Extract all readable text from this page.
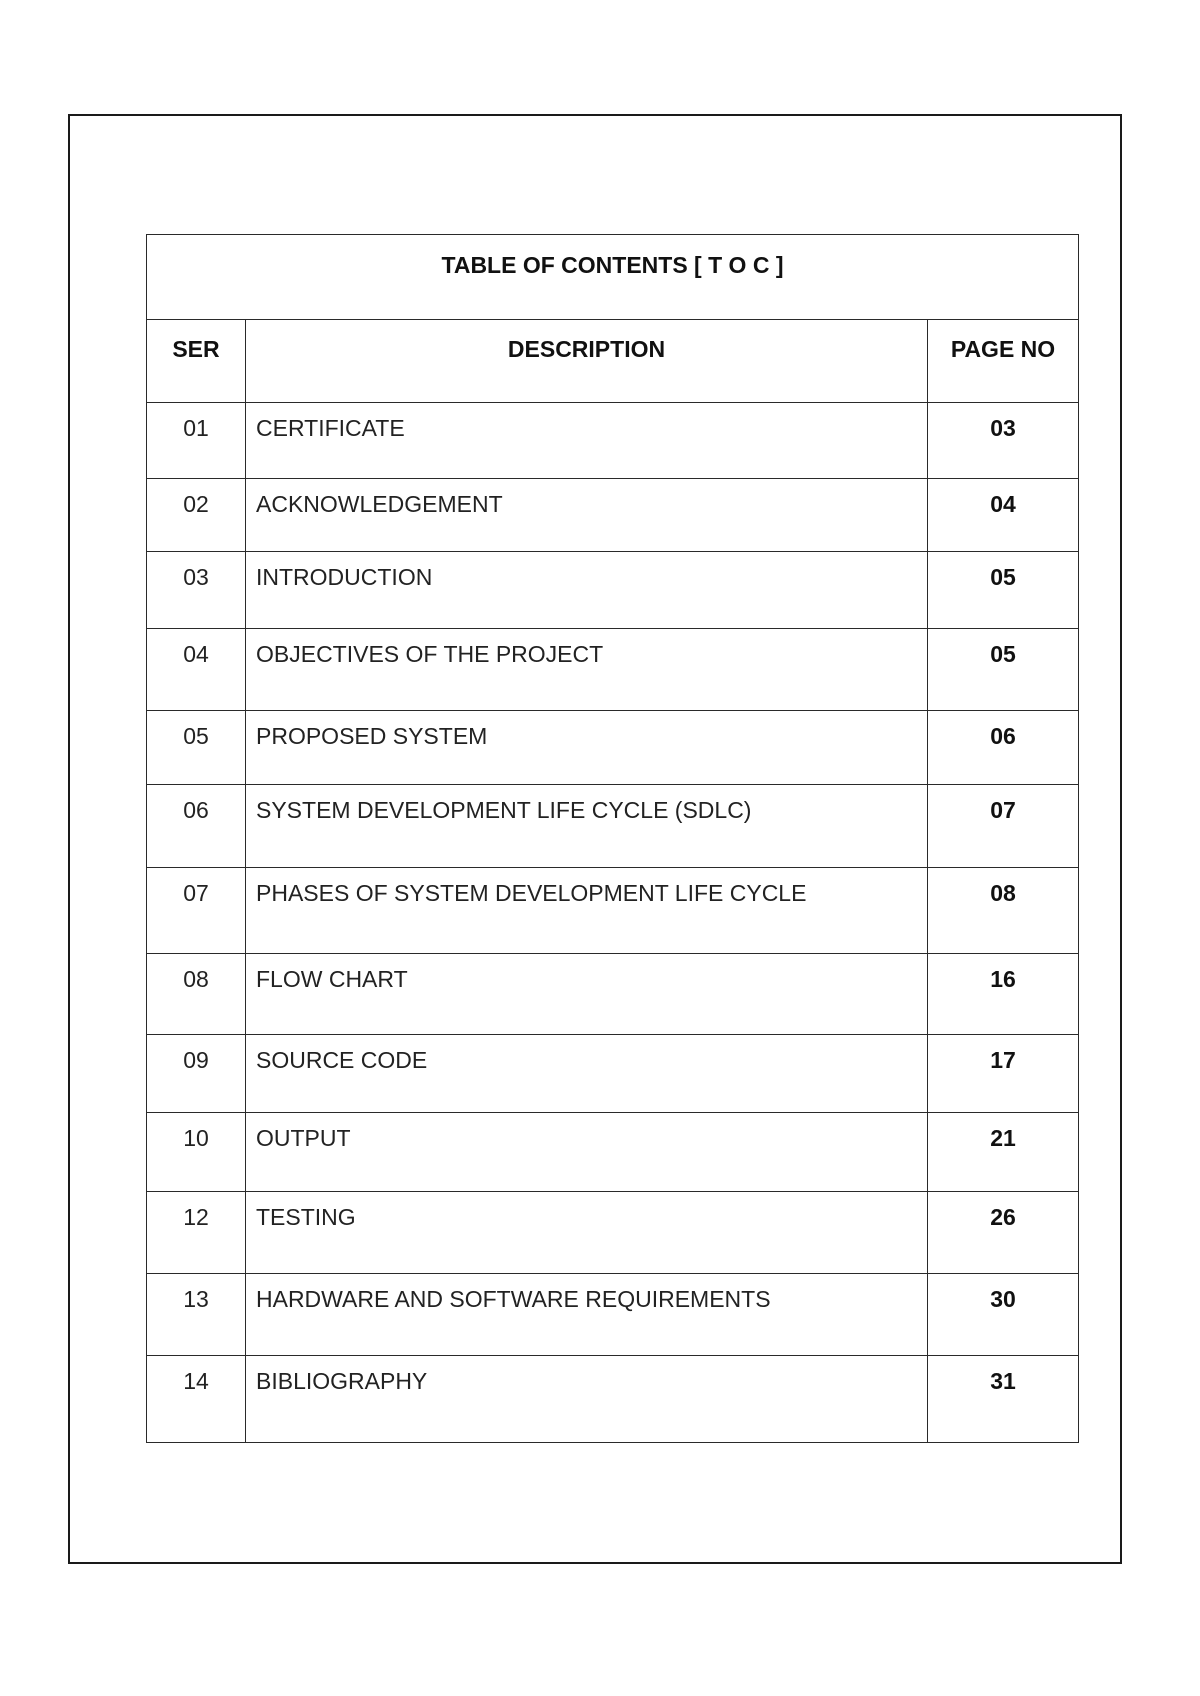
TABLE OF CONTENTS [ T O C ]		
SER	DESCRIPTION	PAGE NO
01	CERTIFICATE	03
02	ACKNOWLEDGEMENT	04
03	INTRODUCTION	05
04	OBJECTIVES OF THE PROJECT	05
05	PROPOSED SYSTEM	06
06	SYSTEM DEVELOPMENT LIFE CYCLE (SDLC)	07
07	PHASES OF SYSTEM DEVELOPMENT LIFE CYCLE	08
08	FLOW CHART	16
09	SOURCE CODE	17
10	OUTPUT	21
12	TESTING	26
13	HARDWARE AND SOFTWARE REQUIREMENTS	30
14	BIBLIOGRAPHY	31
